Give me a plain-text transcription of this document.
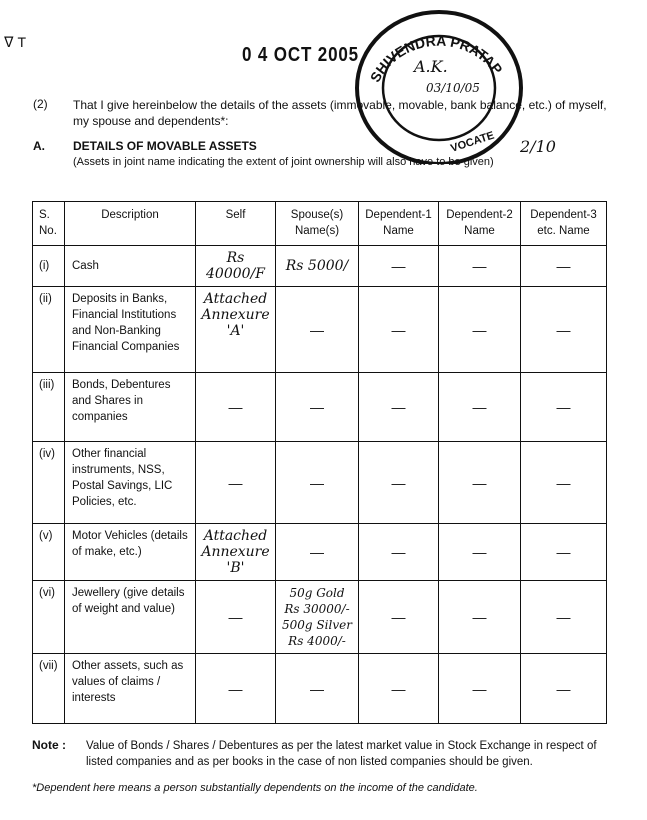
ᐁ T
0 4 OCT 2005
SHIVENDRA PRATAP
A.K.
03/10/05
VOCATE 2/10
(2) That I give hereinbelow the details of the assets (immovable, movable, bank balance, etc.) of myself, my spouse and dependents*:
A. DETAILS OF MOVABLE ASSETS
(Assets in joint name indicating the extent of joint ownership will also have to be given)
S. No.	Description	Self	Spouse(s) Name(s)	Dependent-1 Name	Dependent-2 Name	Dependent-3 etc. Name
(i)	Cash	Rs 40000/F	Rs 5000/	—	—	—
(ii)	Deposits in Banks, Financial Institutions and Non-Banking Financial Companies	Attached Annexure 'A'	—	—	—	—
(iii)	Bonds, Debentures and Shares in companies	—	—	—	—	—
(iv)	Other financial instruments, NSS, Postal Savings, LIC Policies, etc.	—	—	—	—	—
(v)	Motor Vehicles (details of make, etc.)	Attached Annexure 'B'	—	—	—	—
(vi)	Jewellery (give details of weight and value)	—	50g Gold Rs 30000/- 500g Silver Rs 4000/-	—	—	—
(vii)	Other assets, such as values of claims / interests	—	—	—	—	—
Note : Value of Bonds / Shares / Debentures as per the latest market value in Stock Exchange in respect of listed companies and as per books in the case of non listed companies should be given.
*Dependent here means a person substantially dependents on the income of the candidate.
